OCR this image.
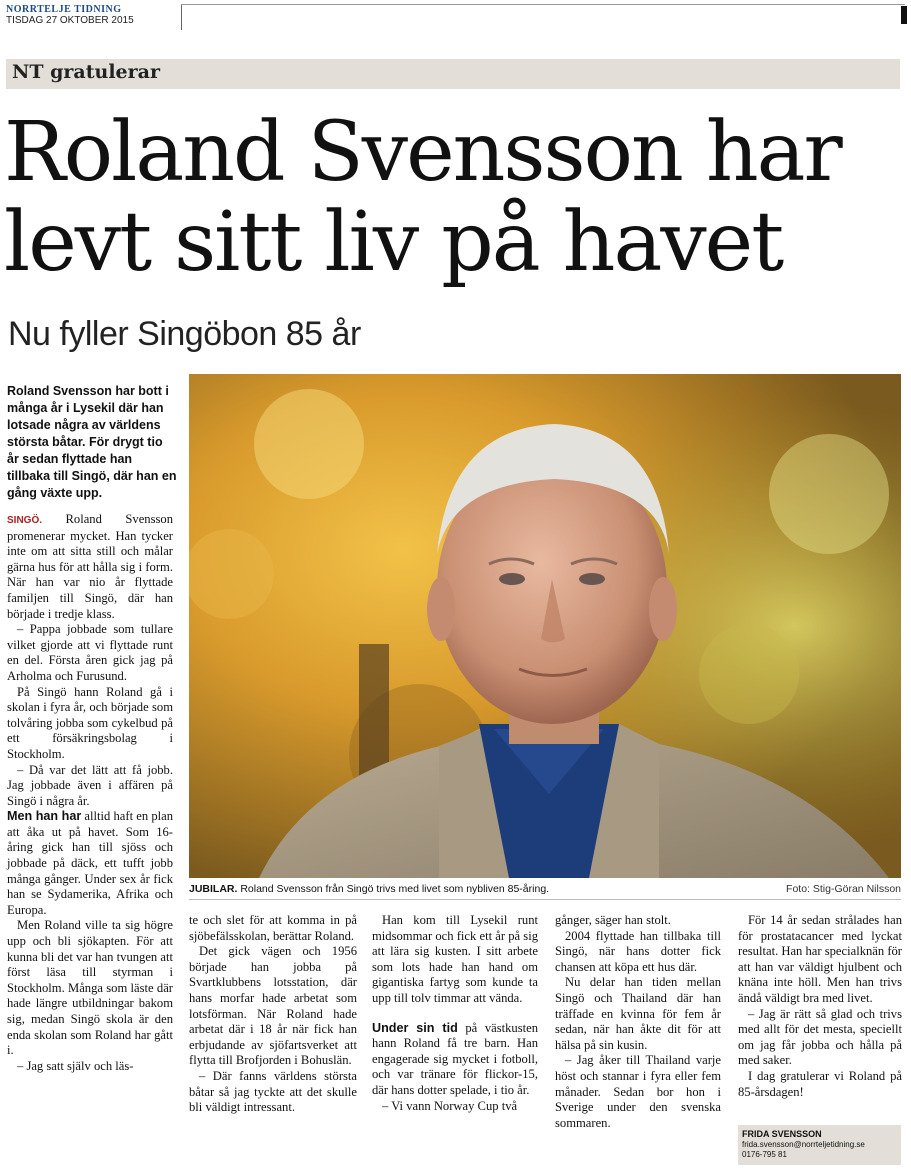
NORRTELJE TIDNING
TISDAG 27 OKTOBER 2015
NT gratulerar
Roland Svensson har
levt sitt liv på havet
Nu fyller Singöbon 85 år
Roland Svensson har bott i många år i Lysekil där han lotsade några av världens största båtar. För drygt tio år sedan flyttade han tillbaka till Singö, där han en gång växte upp.

SINGÖ. Roland Svensson promenerar mycket. Han tycker inte om att sitta still och målar gärna hus för att hålla sig i form. När han var nio år flyttade familjen till Singö, där han började i tredje klass.

– Pappa jobbade som tullare vilket gjorde att vi flyttade runt en del. Första åren gick jag på Arholma och Furusund.

På Singö hann Roland gå i skolan i fyra år, och började som tolvåring jobba som cykelbud på ett försäkringsbolag i Stockholm.

– Då var det lätt att få jobb. Jag jobbade även i affären på Singö i några år.

Men han har alltid haft en plan att åka ut på havet. Som 16-åring gick han till sjöss och jobbade på däck, ett tufft jobb många gånger. Under sex år fick han se Sydamerika, Afrika och Europa.

Men Roland ville ta sig högre upp och bli sjökapten. För att kunna bli det var han tvungen att först läsa till styrman i Stockholm. Många som läste där hade längre utbildningar bakom sig, medan Singö skola är den enda skolan som Roland har gått i.

– Jag satt själv och läs-

JUBILAR. Roland Svensson från Singö trivs med livet som nybliven 85-åring.	Foto: Stig-Göran Nilsson

te och slet för att komma in på sjöbefälsskolan, berättar Roland.

Det gick vägen och 1956 började han jobba på Svartklubbens lotsstation, där hans morfar hade arbetat som lotsförman. När Roland hade arbetat där i 18 år när fick han erbjudande av sjöfartsverket att flytta till Brofjorden i Bohuslän.

– Där fanns världens största båtar så jag tyckte att det skulle bli väldigt intressant.

Han kom till Lysekil runt midsommar och fick ett år på sig att lära sig kusten. I sitt arbete som lots hade han hand om gigantiska fartyg som kunde ta upp till tolv timmar att vända.

Under sin tid på västkusten hann Roland få tre barn. Han engagerade sig mycket i fotboll, och var tränare för flickor-15, där hans dotter spelade, i tio år.

– Vi vann Norway Cup två

gånger, säger han stolt.

2004 flyttade han tillbaka till Singö, när hans dotter fick chansen att köpa ett hus där.

Nu delar han tiden mellan Singö och Thailand där han träffade en kvinna för fem år sedan, när han åkte dit för att hälsa på sin kusin.

– Jag åker till Thailand varje höst och stannar i fyra eller fem månader. Sedan bor hon i Sverige under den svenska sommaren.

För 14 år sedan strålades han för prostatacancer med lyckat resultat. Han har specialknän för att han var väldigt hjulbent och knäna inte höll. Men han trivs ändå väldigt bra med livet.

– Jag är rätt så glad och trivs med allt för det mesta, speciellt om jag får jobba och hålla på med saker.

I dag gratulerar vi Roland på 85-årsdagen!

FRIDA SVENSSON
frida.svensson@norrteljetidning.se
0176-795 81
